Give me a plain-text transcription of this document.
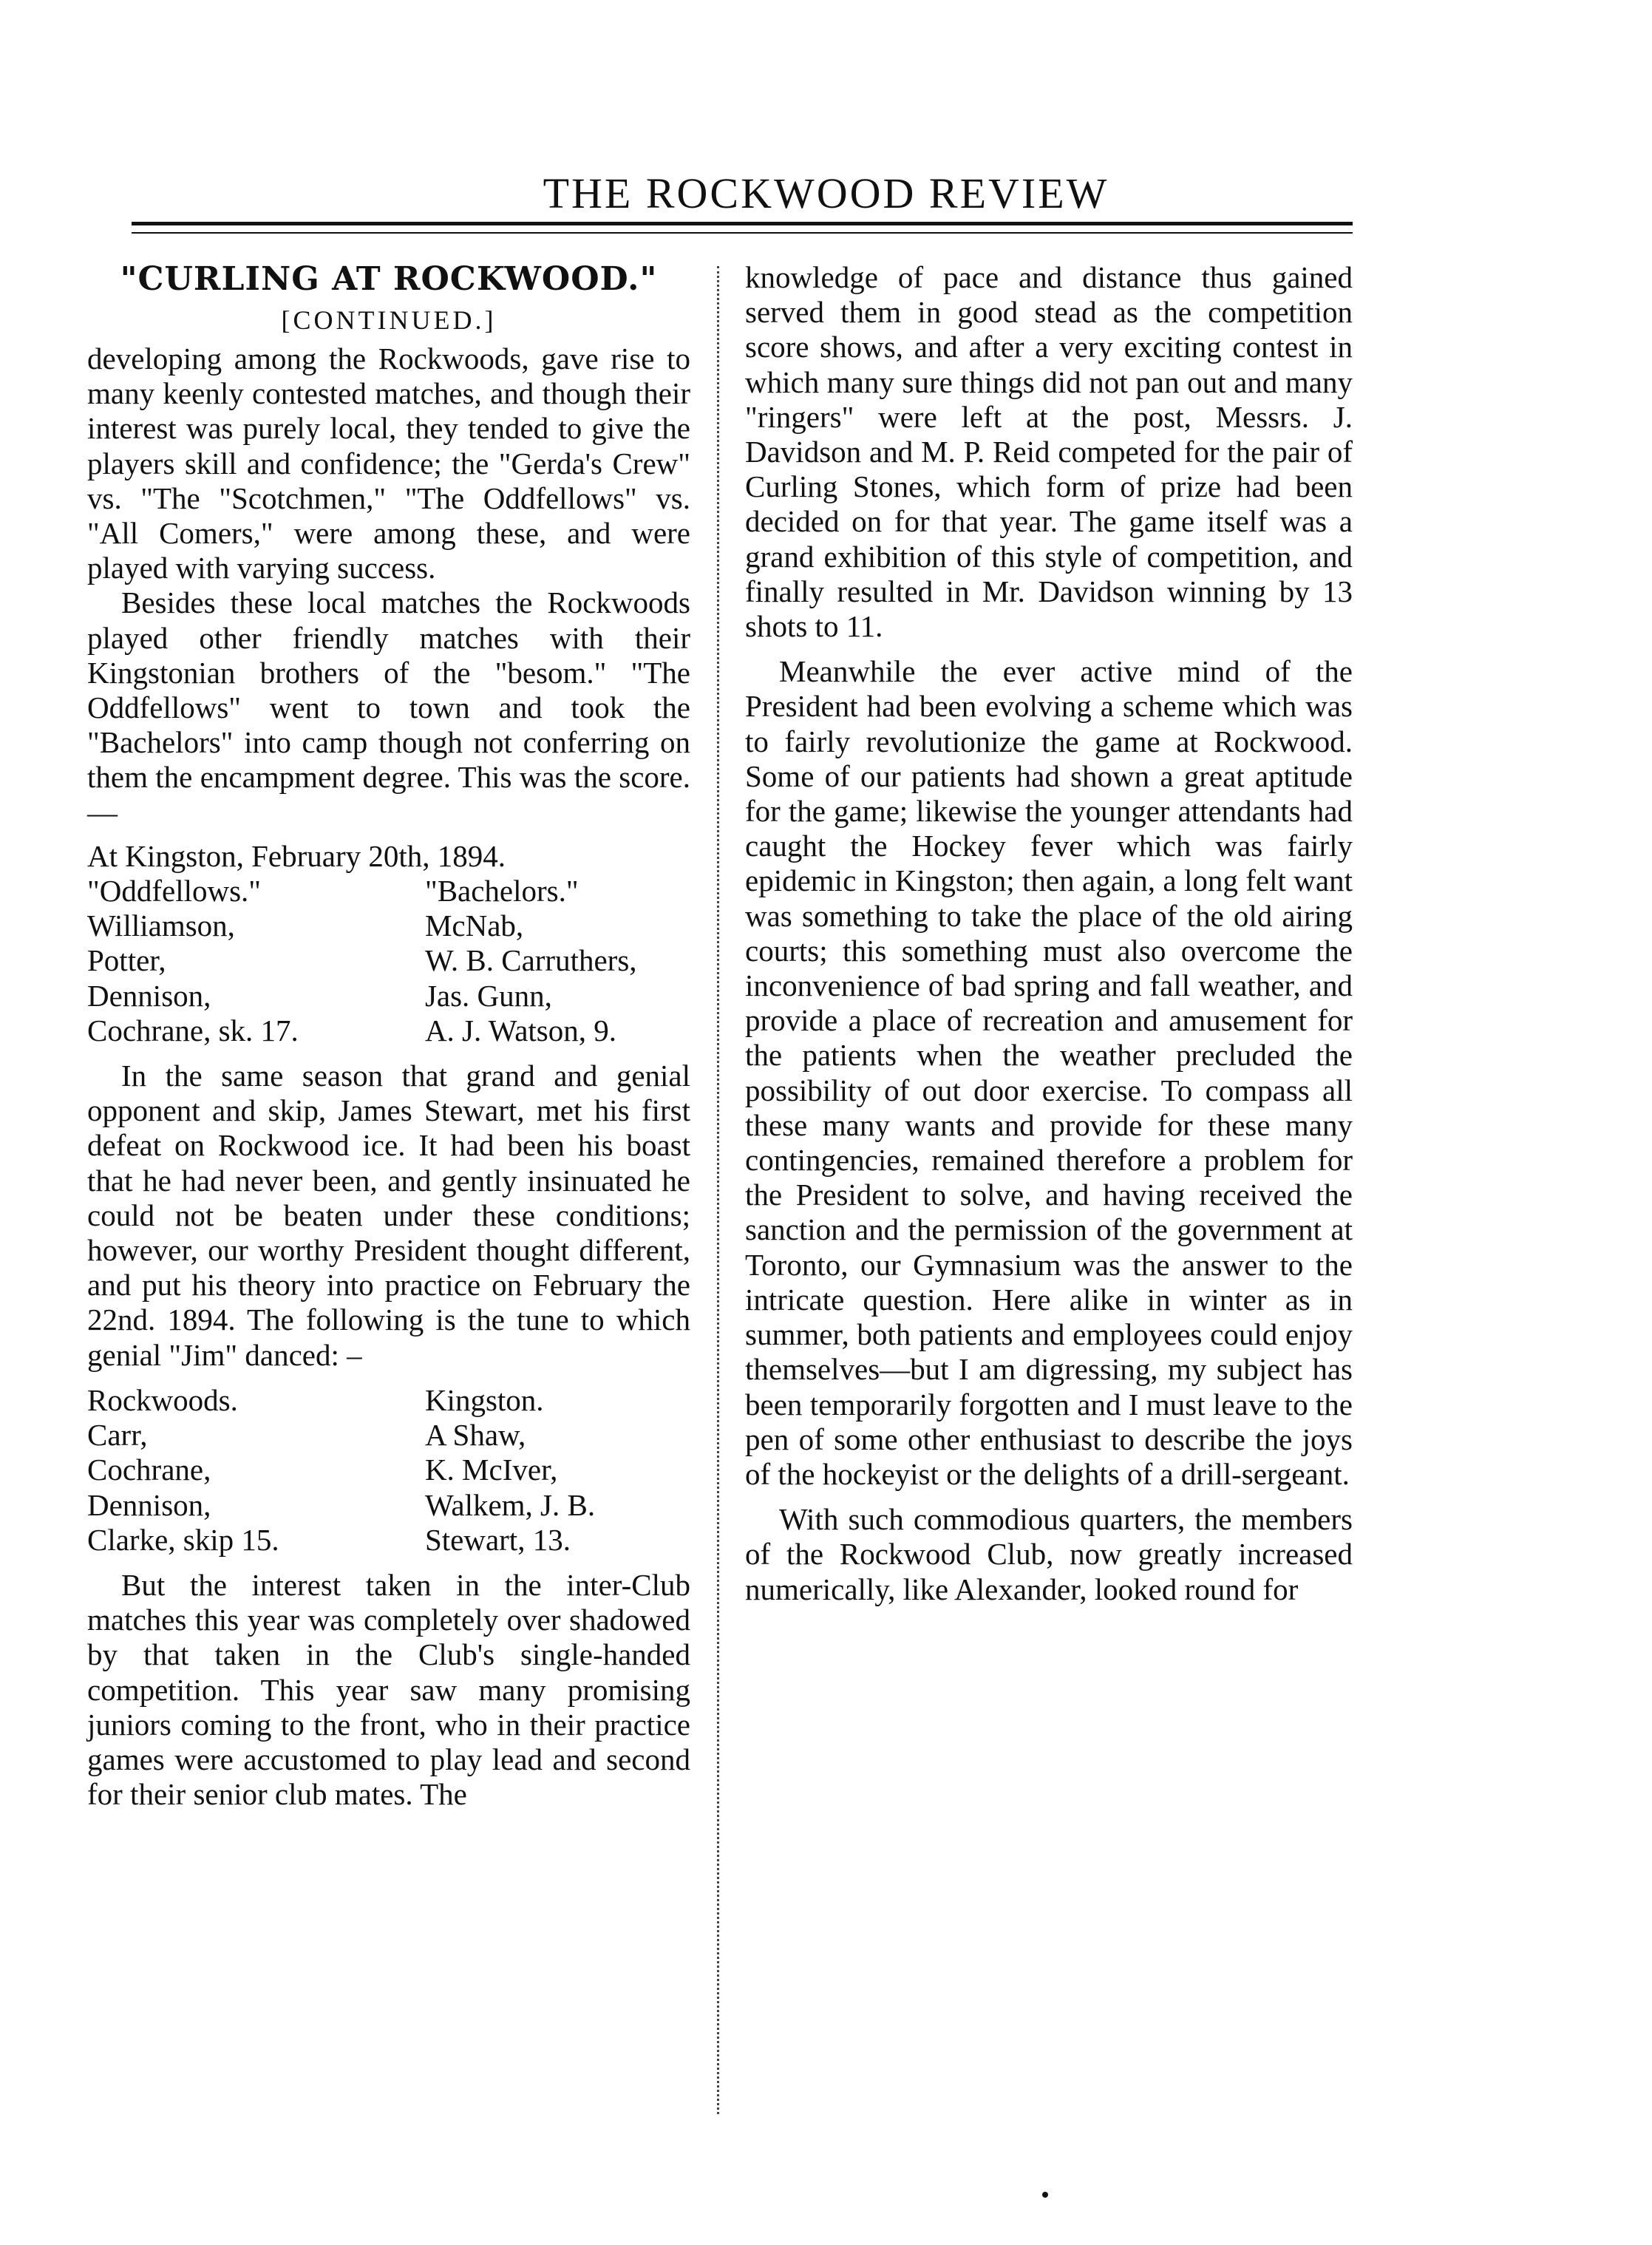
THE ROCKWOOD REVIEW
"CURLING AT ROCKWOOD."
[CONTINUED.]

developing among the Rockwoods, gave rise to many keenly contested matches, and though their interest was purely local, they tended to give the players skill and confidence; the "Gerda's Crew" vs. "The "Scotchmen," "The Oddfellows" vs. "All Comers," were among these, and were played with varying success.

Besides these local matches the Rockwoods played other friendly matches with their Kingstonian brothers of the "besom." "The Oddfellows" went to town and took the "Bachelors" into camp though not conferring on them the encampment degree. This was the score.—

At Kingston, February 20th, 1894.
"Oddfellows."	"Bachelors."
Williamson,	McNab,
Potter,	W. B. Carruthers,
Dennison,	Jas. Gunn,
Cochrane, sk. 17.	A. J. Watson, 9.

In the same season that grand and genial opponent and skip, James Stewart, met his first defeat on Rockwood ice. It had been his boast that he had never been, and gently insinuated he could not be beaten under these conditions; however, our worthy President thought different, and put his theory into practice on February the 22nd. 1894. The following is the tune to which genial "Jim" danced: –

Rockwoods.	Kingston.
Carr,	A Shaw,
Cochrane,	K. McIver,
Dennison,	Walkem, J. B.
Clarke, skip 15.	Stewart, 13.

But the interest taken in the inter-Club matches this year was completely over shadowed by that taken in the Club's single-handed competition. This year saw many promising juniors coming to the front, who in their practice games were accustomed to play lead and second for their senior club mates. The

knowledge of pace and distance thus gained served them in good stead as the competition score shows, and after a very exciting contest in which many sure things did not pan out and many "ringers" were left at the post, Messrs. J. Davidson and M. P. Reid competed for the pair of Curling Stones, which form of prize had been decided on for that year. The game itself was a grand exhibition of this style of competition, and finally resulted in Mr. Davidson winning by 13 shots to 11.

Meanwhile the ever active mind of the President had been evolving a scheme which was to fairly revolutionize the game at Rockwood. Some of our patients had shown a great aptitude for the game; likewise the younger attendants had caught the Hockey fever which was fairly epidemic in Kingston; then again, a long felt want was something to take the place of the old airing courts; this something must also overcome the inconvenience of bad spring and fall weather, and provide a place of recreation and amusement for the patients when the weather precluded the possibility of out door exercise. To compass all these many wants and provide for these many contingencies, remained therefore a problem for the President to solve, and having received the sanction and the permission of the government at Toronto, our Gymnasium was the answer to the intricate question. Here alike in winter as in summer, both patients and employees could enjoy themselves—but I am digressing, my subject has been temporarily forgotten and I must leave to the pen of some other enthusiast to describe the joys of the hockeyist or the delights of a drill-sergeant.

With such commodious quarters, the members of the Rockwood Club, now greatly increased numerically, like Alexander, looked round for
